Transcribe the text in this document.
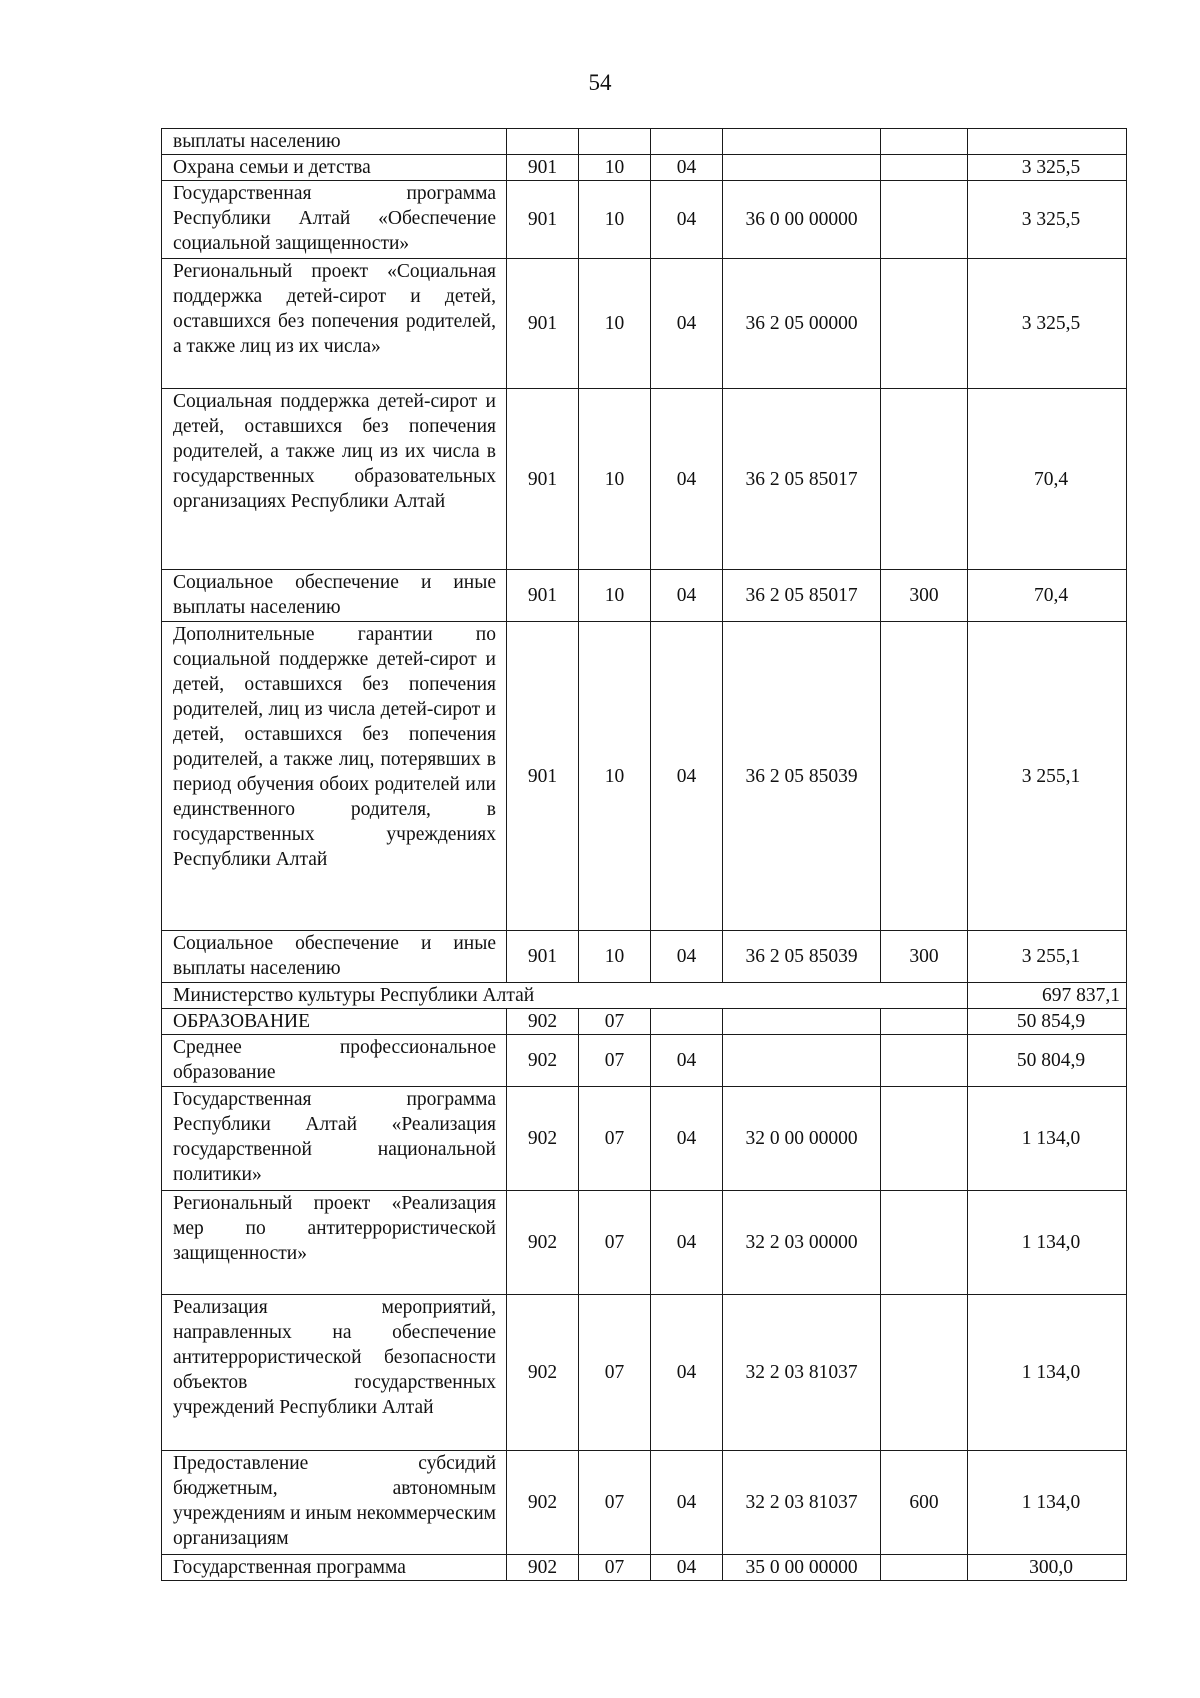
54
выплаты населению						
Охрана семьи и детства	901	10	04			3 325,5
Государственная программа Республики Алтай «Обеспечение социальной защищенности»	901	10	04	36 0 00 00000		3 325,5
Региональный проект «Социальная поддержка детей-сирот и детей, оставшихся без попечения родителей, а также лиц из их числа»	901	10	04	36 2 05 00000		3 325,5
Социальная поддержка детей-сирот и детей, оставшихся без попечения родителей, а также лиц из их числа в государственных образовательных организациях Республики Алтай	901	10	04	36 2 05 85017		70,4
Социальное обеспечение и иные выплаты населению	901	10	04	36 2 05 85017	300	70,4
Дополнительные гарантии по социальной поддержке детей-сирот и детей, оставшихся без попечения родителей, лиц из числа детей-сирот и детей, оставшихся без попечения родителей, а также лиц, потерявших в период обучения обоих родителей или единственного родителя, в государственных учреждениях Республики Алтай	901	10	04	36 2 05 85039		3 255,1
Социальное обеспечение и иные выплаты населению	901	10	04	36 2 05 85039	300	3 255,1
Министерство культуры Республики Алтай						697 837,1
ОБРАЗОВАНИЕ	902	07				50 854,9
Среднее профессиональное образование	902	07	04			50 804,9
Государственная программа Республики Алтай «Реализация государственной национальной политики»	902	07	04	32 0 00 00000		1 134,0
Региональный проект «Реализация мер по антитеррористической защищенности»	902	07	04	32 2 03 00000		1 134,0
Реализация мероприятий, направленных на обеспечение антитеррористической безопасности объектов государственных учреждений Республики Алтай	902	07	04	32 2 03 81037		1 134,0
Предоставление субсидий бюджетным, автономным учреждениям и иным некоммерческим организациям	902	07	04	32 2 03 81037	600	1 134,0
Государственная программа	902	07	04	35 0 00 00000		300,0
